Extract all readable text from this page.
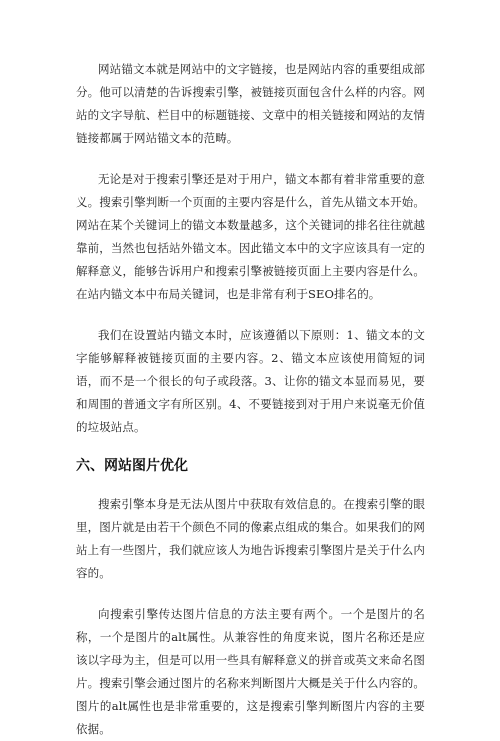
网站锚文本就是网站中的文字链接，也是网站内容的重要组成部分。他可以清楚的告诉搜索引擎，被链接页面包含什么样的内容。网站的文字导航、栏目中的标题链接、文章中的相关链接和网站的友情链接都属于网站锚文本的范畴。

无论是对于搜索引擎还是对于用户，锚文本都有着非常重要的意义。搜索引擎判断一个页面的主要内容是什么，首先从锚文本开始。网站在某个关键词上的锚文本数量越多，这个关键词的排名往往就越靠前，当然也包括站外锚文本。因此锚文本中的文字应该具有一定的解释意义，能够告诉用户和搜索引擎被链接页面上主要内容是什么。在站内锚文本中布局关键词，也是非常有利于SEO排名的。

我们在设置站内锚文本时，应该遵循以下原则：1、锚文本的文字能够解释被链接页面的主要内容。2、锚文本应该使用简短的词语，而不是一个很长的句子或段落。3、让你的锚文本显而易见，要和周围的普通文字有所区别。4、不要链接到对于用户来说毫无价值的垃圾站点。

六、网站图片优化

搜索引擎本身是无法从图片中获取有效信息的。在搜索引擎的眼里，图片就是由若干个颜色不同的像素点组成的集合。如果我们的网站上有一些图片，我们就应该人为地告诉搜索引擎图片是关于什么内容的。

向搜索引擎传达图片信息的方法主要有两个。一个是图片的名称，一个是图片的alt属性。从兼容性的角度来说，图片名称还是应该以字母为主，但是可以用一些具有解释意义的拼音或英文来命名图片。搜索引擎会通过图片的名称来判断图片大概是关于什么内容的。图片的alt属性也是非常重要的，这是搜索引擎判断图片内容的主要依据。
